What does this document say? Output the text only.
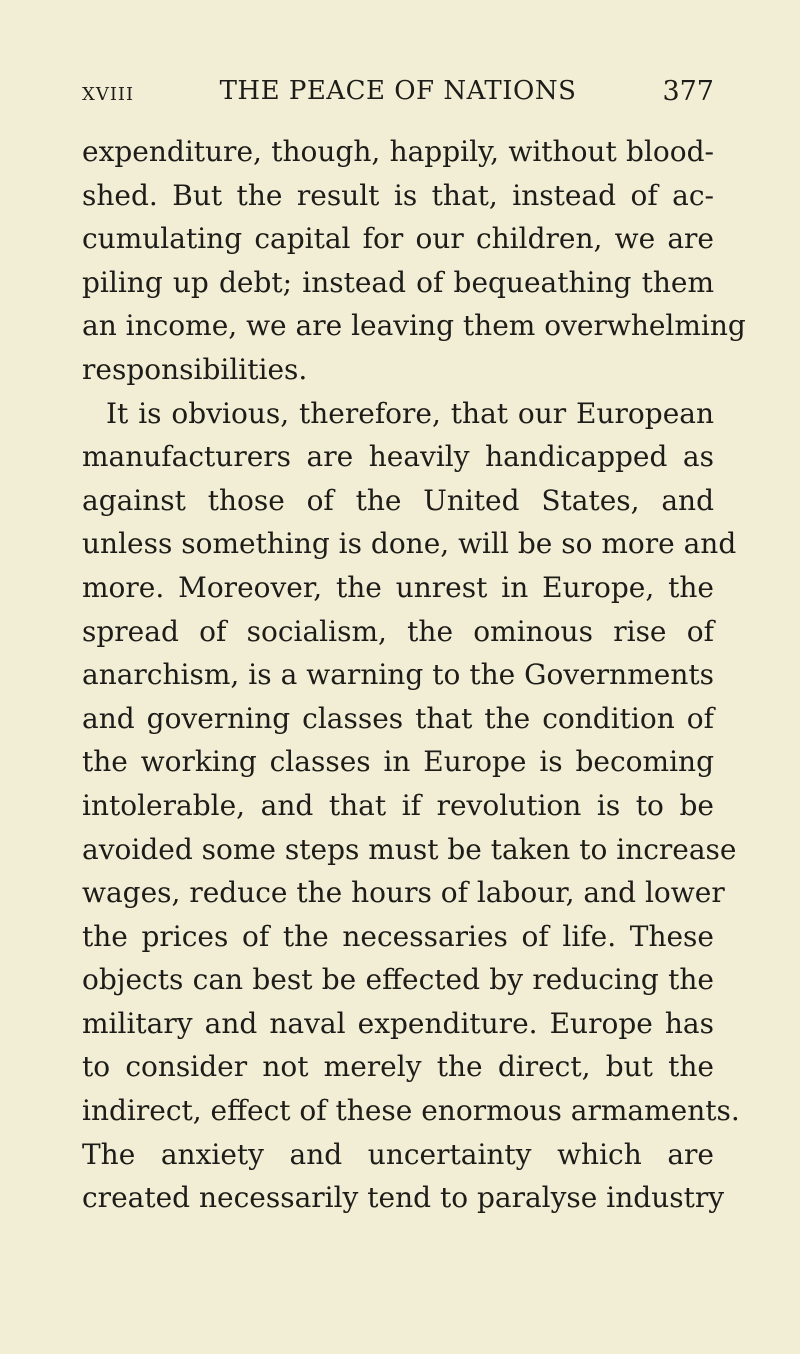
XVIII	THE PEACE OF NATIONS	377
expenditure, though, happily, without blood-
shed. But the result is that, instead of ac-
cumulating capital for our children, we are
piling up debt; instead of bequeathing them
an income, we are leaving them overwhelming
responsibilities.
It is obvious, therefore, that our European
manufacturers are heavily handicapped as
against those of the United States, and
unless something is done, will be so more and
more. Moreover, the unrest in Europe, the
spread of socialism, the ominous rise of
anarchism, is a warning to the Governments
and governing classes that the condition of
the working classes in Europe is becoming
intolerable, and that if revolution is to be
avoided some steps must be taken to increase
wages, reduce the hours of labour, and lower
the prices of the necessaries of life. These
objects can best be effected by reducing the
military and naval expenditure. Europe has
to consider not merely the direct, but the
indirect, effect of these enormous armaments.
The anxiety and uncertainty which are
created necessarily tend to paralyse industry
